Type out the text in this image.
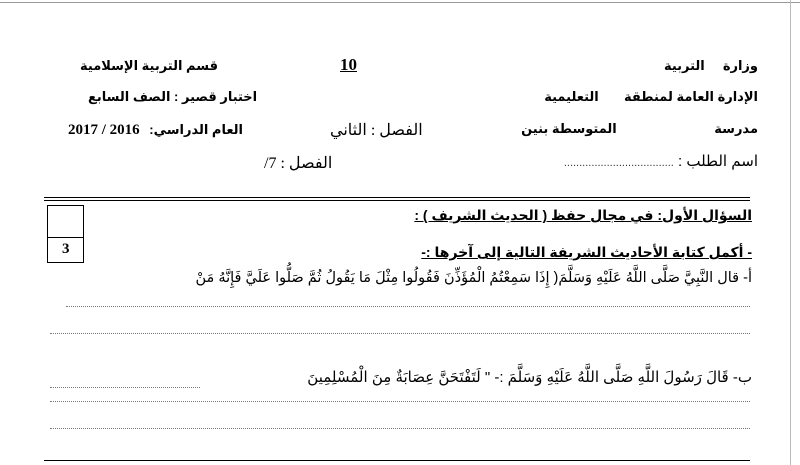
وزارة     التربية
الإدارة العامة لمنطقة       التعليمية
مدرسة                           المتوسطة بنين
اسم الطلب : ....................................
10
الفصل : الثاني
الفصل : 7/
قسم التربية الإسلامية
اختبار قصير : الصف السابع
العام الدراسي: 2016 / 2017
3
السؤال الأول: في مجال حفظ ( الحديث الشريف ) :
- أكمل كتابة الأحاديث الشريفة التالية إلى آخرها :-
أ- قال النَّبِيَّ صَلَّى اللَّهُ عَلَيْهِ وَسَلَّمَ( إِذَا سَمِعْتُمُ الْمُؤَذِّنَ فَقُولُوا مِثْلَ مَا يَقُولُ ثُمَّ صَلُّوا عَلَيَّ فَإِنَّهُ مَنْ
ب- قَالَ رَسُولَ اللَّهِ صَلَّى اللَّهُ عَلَيْهِ وَسَلَّمَ :- " لَتَفْتَحَنَّ عِصَابَةٌ مِنَ الْمُسْلِمِينَ
